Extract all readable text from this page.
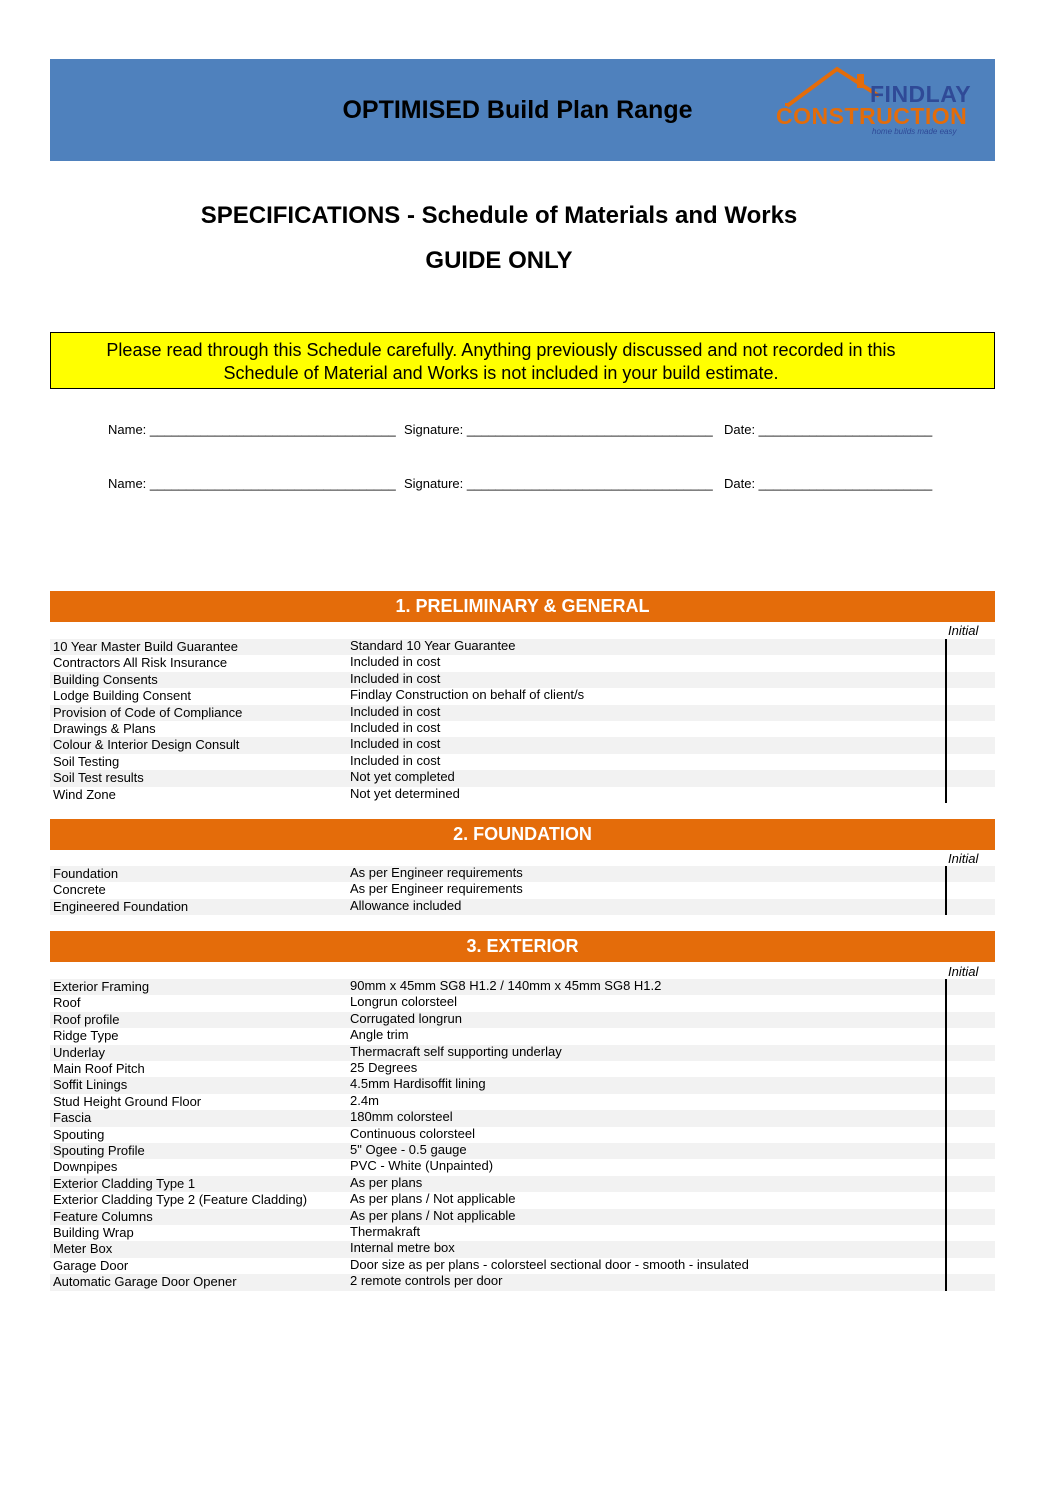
OPTIMISED Build Plan Range
FINDLAY
CONSTRUCTION
home builds made easy
SPECIFICATIONS - Schedule of Materials and Works
GUIDE ONLY
Please read through this Schedule carefully. Anything previously discussed and not recorded in this
Schedule of Material and Works is not included in your build estimate.
Name: __________________________________ Signature: __________________________________ Date: ________________________
Name: __________________________________ Signature: __________________________________ Date: ________________________
1. PRELIMINARY & GENERAL
Initial
10 Year Master Build Guarantee	Standard 10 Year Guarantee
Contractors All Risk Insurance	Included in cost
Building Consents	Included in cost
Lodge Building Consent	Findlay Construction on behalf of client/s
Provision of Code of Compliance	Included in cost
Drawings & Plans	Included in cost
Colour & Interior Design Consult	Included in cost
Soil Testing	Included in cost
Soil Test results	Not yet completed
Wind Zone	Not yet determined
2. FOUNDATION
Initial
Foundation	As per Engineer requirements
Concrete	As per Engineer requirements
Engineered Foundation	Allowance included
3. EXTERIOR
Initial
Exterior Framing	90mm x 45mm SG8 H1.2 / 140mm x 45mm SG8 H1.2
Roof	Longrun colorsteel
Roof profile	Corrugated longrun
Ridge Type	Angle trim
Underlay	Thermacraft self supporting underlay
Main Roof Pitch	25 Degrees
Soffit Linings	4.5mm Hardisoffit lining
Stud Height Ground Floor	2.4m
Fascia	180mm colorsteel
Spouting	Continuous colorsteel
Spouting Profile	5" Ogee - 0.5 gauge
Downpipes	PVC - White (Unpainted)
Exterior Cladding Type 1	As per plans
Exterior Cladding Type 2 (Feature Cladding)	As per plans / Not applicable
Feature Columns	As per plans / Not applicable
Building Wrap	Thermakraft
Meter Box	Internal metre box
Garage Door	Door size as per plans - colorsteel sectional door - smooth - insulated
Automatic Garage Door Opener	2 remote controls per door
